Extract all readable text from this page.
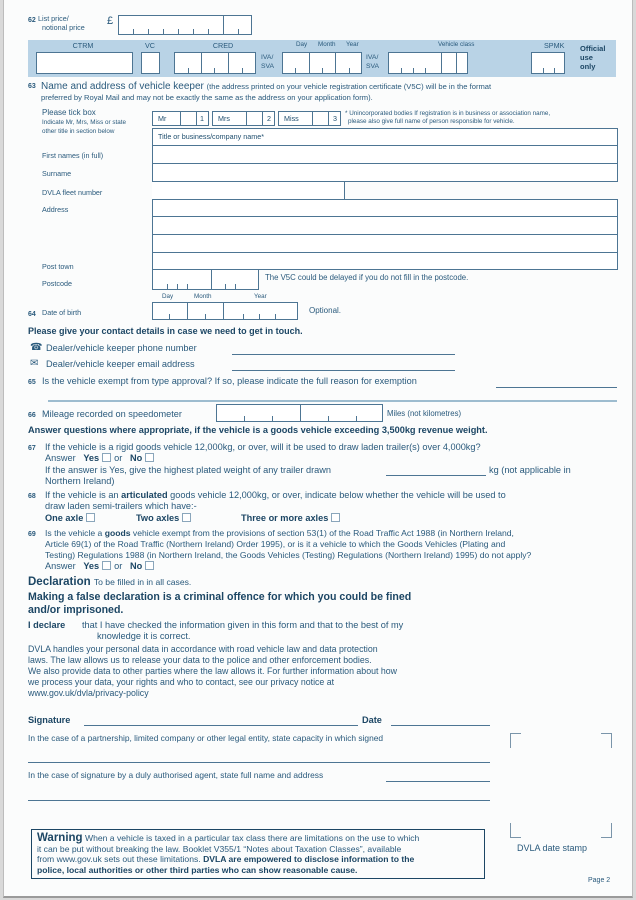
62 List price/
notional price
£
CTRM	VC	CRED	Day Month Year	Vehicle class	SPMK
IVA/
SVA
IVA/
SVA
Official
use
only
63 Name and address of vehicle keeper (the address printed on your vehicle registration certificate (V5C) will be in the format
preferred by Royal Mail and may not be exactly the same as the address on your application form).
Please tick box
Indicate Mr, Mrs, Miss or state
other title in section below
Mr	1 Mrs	2 Miss	3
* Unincorporated bodies If registration is in business or association name,
please also give full name of person responsible for vehicle.
Title or business/company name*
First names (in full)
Surname
DVLA fleet number
Address
Post town
Postcode
The V5C could be delayed if you do not fill in the postcode.
Day	Month	Year
64 Date of birth	Optional.
Please give your contact details in case we need to get in touch.
☎ Dealer/vehicle keeper phone number
✉ Dealer/vehicle keeper email address
65 Is the vehicle exempt from type approval? If so, please indicate the full reason for exemption
66 Mileage recorded on speedometer	Miles (not kilometres)
Answer questions where appropriate, if the vehicle is a goods vehicle exceeding 3,500kg revenue weight.
67 If the vehicle is a rigid goods vehicle 12,000kg, or over, will it be used to draw laden trailer(s) over 4,000kg?
Answer Yes or No
If the answer is Yes, give the highest plated weight of any trailer drawn	kg (not applicable in
Northern Ireland)
68 If the vehicle is an articulated goods vehicle 12,000kg, or over, indicate below whether the vehicle will be used to
draw laden semi-trailers which have:-
One axle	Two axles	Three or more axles
69 Is the vehicle a goods vehicle exempt from the provisions of section 53(1) of the Road Traffic Act 1988 (in Northern Ireland,
Article 69(1) of the Road Traffic (Northern Ireland) Order 1995), or is it a vehicle to which the Goods Vehicles (Plating and
Testing) Regulations 1988 (in Northern Ireland, the Goods Vehicles (Testing) Regulations (Northern Ireland) 1995) do not apply?
Answer Yes or No
Declaration To be filled in in all cases.
Making a false declaration is a criminal offence for which you could be fined
and/or imprisoned.
I declare that I have checked the information given in this form and that to the best of my
knowledge it is correct.
DVLA handles your personal data in accordance with road vehicle law and data protection
laws. The law allows us to release your data to the police and other enforcement bodies.
We also provide data to other parties where the law allows it. For further information about how
we process your data, your rights and who to contact, see our privacy notice at
www.gov.uk/dvla/privacy-policy
Signature	Date
In the case of a partnership, limited company or other legal entity, state capacity in which signed
In the case of signature by a duly authorised agent, state full name and address
DVLA date stamp
Warning When a vehicle is taxed in a particular tax class there are limitations on the use to which
it can be put without breaking the law. Booklet V355/1 “Notes about Taxation Classes”, available
from www.gov.uk sets out these limitations. DVLA are empowered to disclose information to the
police, local authorities or other third parties who can show reasonable cause.
Page 2
